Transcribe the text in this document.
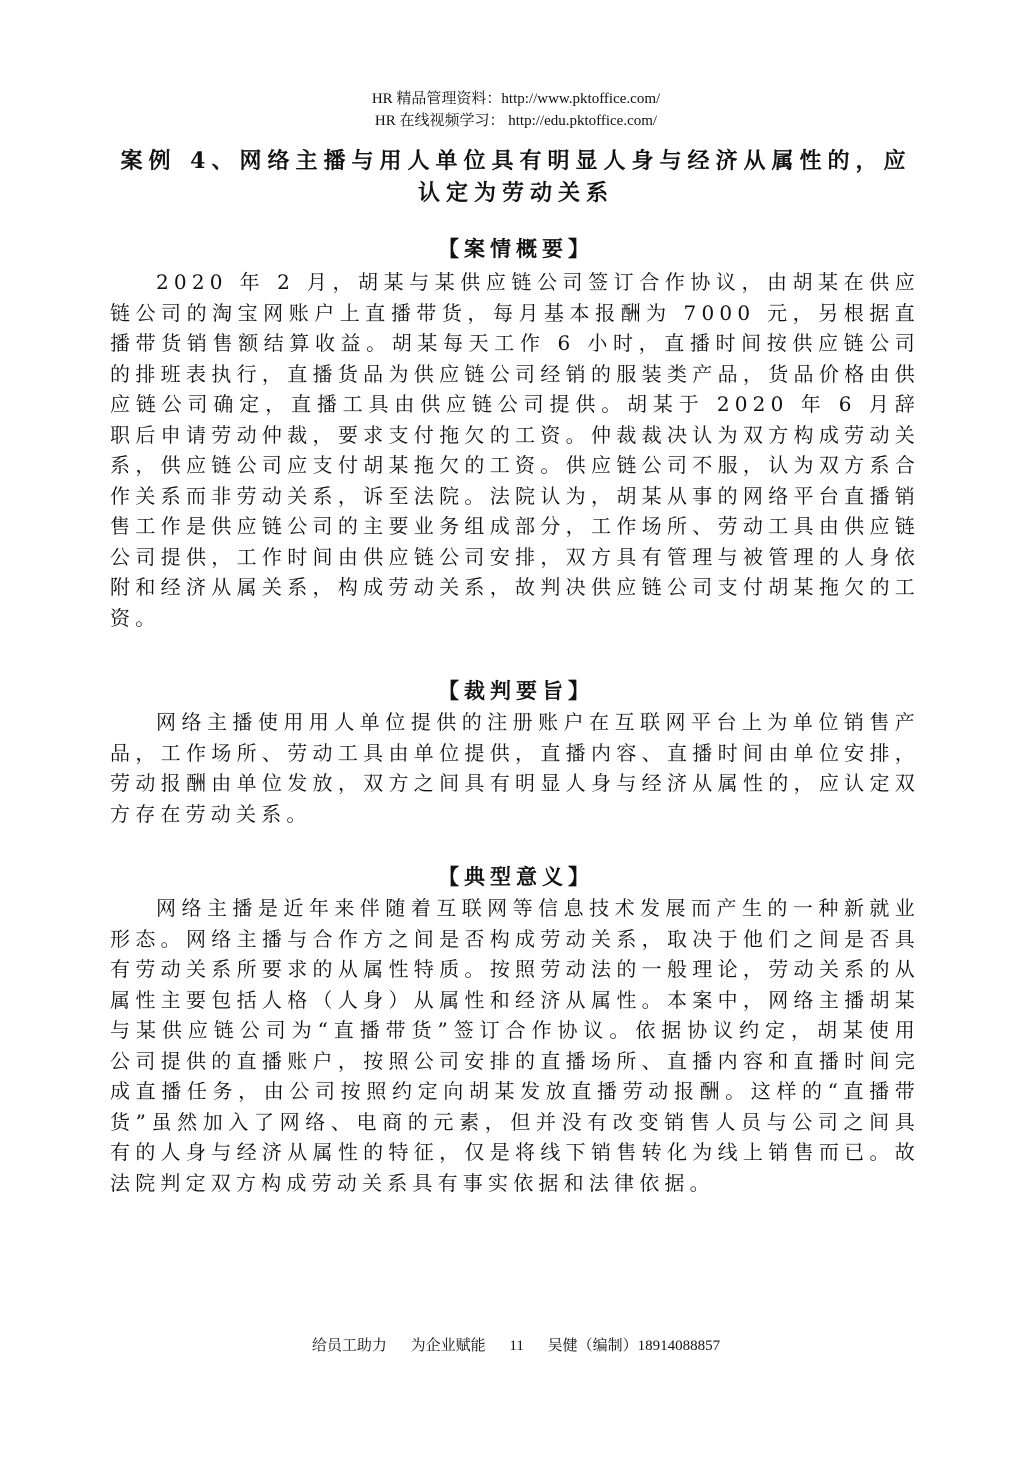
HR 精品管理资料：http://www.pktoffice.com/
HR 在线视频学习： http://edu.pktoffice.com/
案例 4、网络主播与用人单位具有明显人身与经济从属性的，应认定为劳动关系
【案情概要】

2020 年 2 月，胡某与某供应链公司签订合作协议，由胡某在供应链公司的淘宝网账户上直播带货，每月基本报酬为 7000 元，另根据直播带货销售额结算收益。胡某每天工作 6 小时，直播时间按供应链公司的排班表执行，直播货品为供应链公司经销的服装类产品，货品价格由供应链公司确定，直播工具由供应链公司提供。胡某于 2020 年 6 月辞职后申请劳动仲裁，要求支付拖欠的工资。仲裁裁决认为双方构成劳动关系，供应链公司应支付胡某拖欠的工资。供应链公司不服，认为双方系合作关系而非劳动关系，诉至法院。法院认为，胡某从事的网络平台直播销售工作是供应链公司的主要业务组成部分，工作场所、劳动工具由供应链公司提供，工作时间由供应链公司安排，双方具有管理与被管理的人身依附和经济从属关系，构成劳动关系，故判决供应链公司支付胡某拖欠的工资。

【裁判要旨】

网络主播使用用人单位提供的注册账户在互联网平台上为单位销售产品，工作场所、劳动工具由单位提供，直播内容、直播时间由单位安排，劳动报酬由单位发放，双方之间具有明显人身与经济从属性的，应认定双方存在劳动关系。

【典型意义】

网络主播是近年来伴随着互联网等信息技术发展而产生的一种新就业形态。网络主播与合作方之间是否构成劳动关系，取决于他们之间是否具有劳动关系所要求的从属性特质。按照劳动法的一般理论，劳动关系的从属性主要包括人格（人身）从属性和经济从属性。本案中，网络主播胡某与某供应链公司为“直播带货”签订合作协议。依据协议约定，胡某使用公司提供的直播账户，按照公司安排的直播场所、直播内容和直播时间完成直播任务，由公司按照约定向胡某发放直播劳动报酬。这样的“直播带货”虽然加入了网络、电商的元素，但并没有改变销售人员与公司之间具有的人身与经济从属性的特征，仅是将线下销售转化为线上销售而已。故法院判定双方构成劳动关系具有事实依据和法律依据。

给员工助力 为企业赋能 11 吴健（编制）18914088857
